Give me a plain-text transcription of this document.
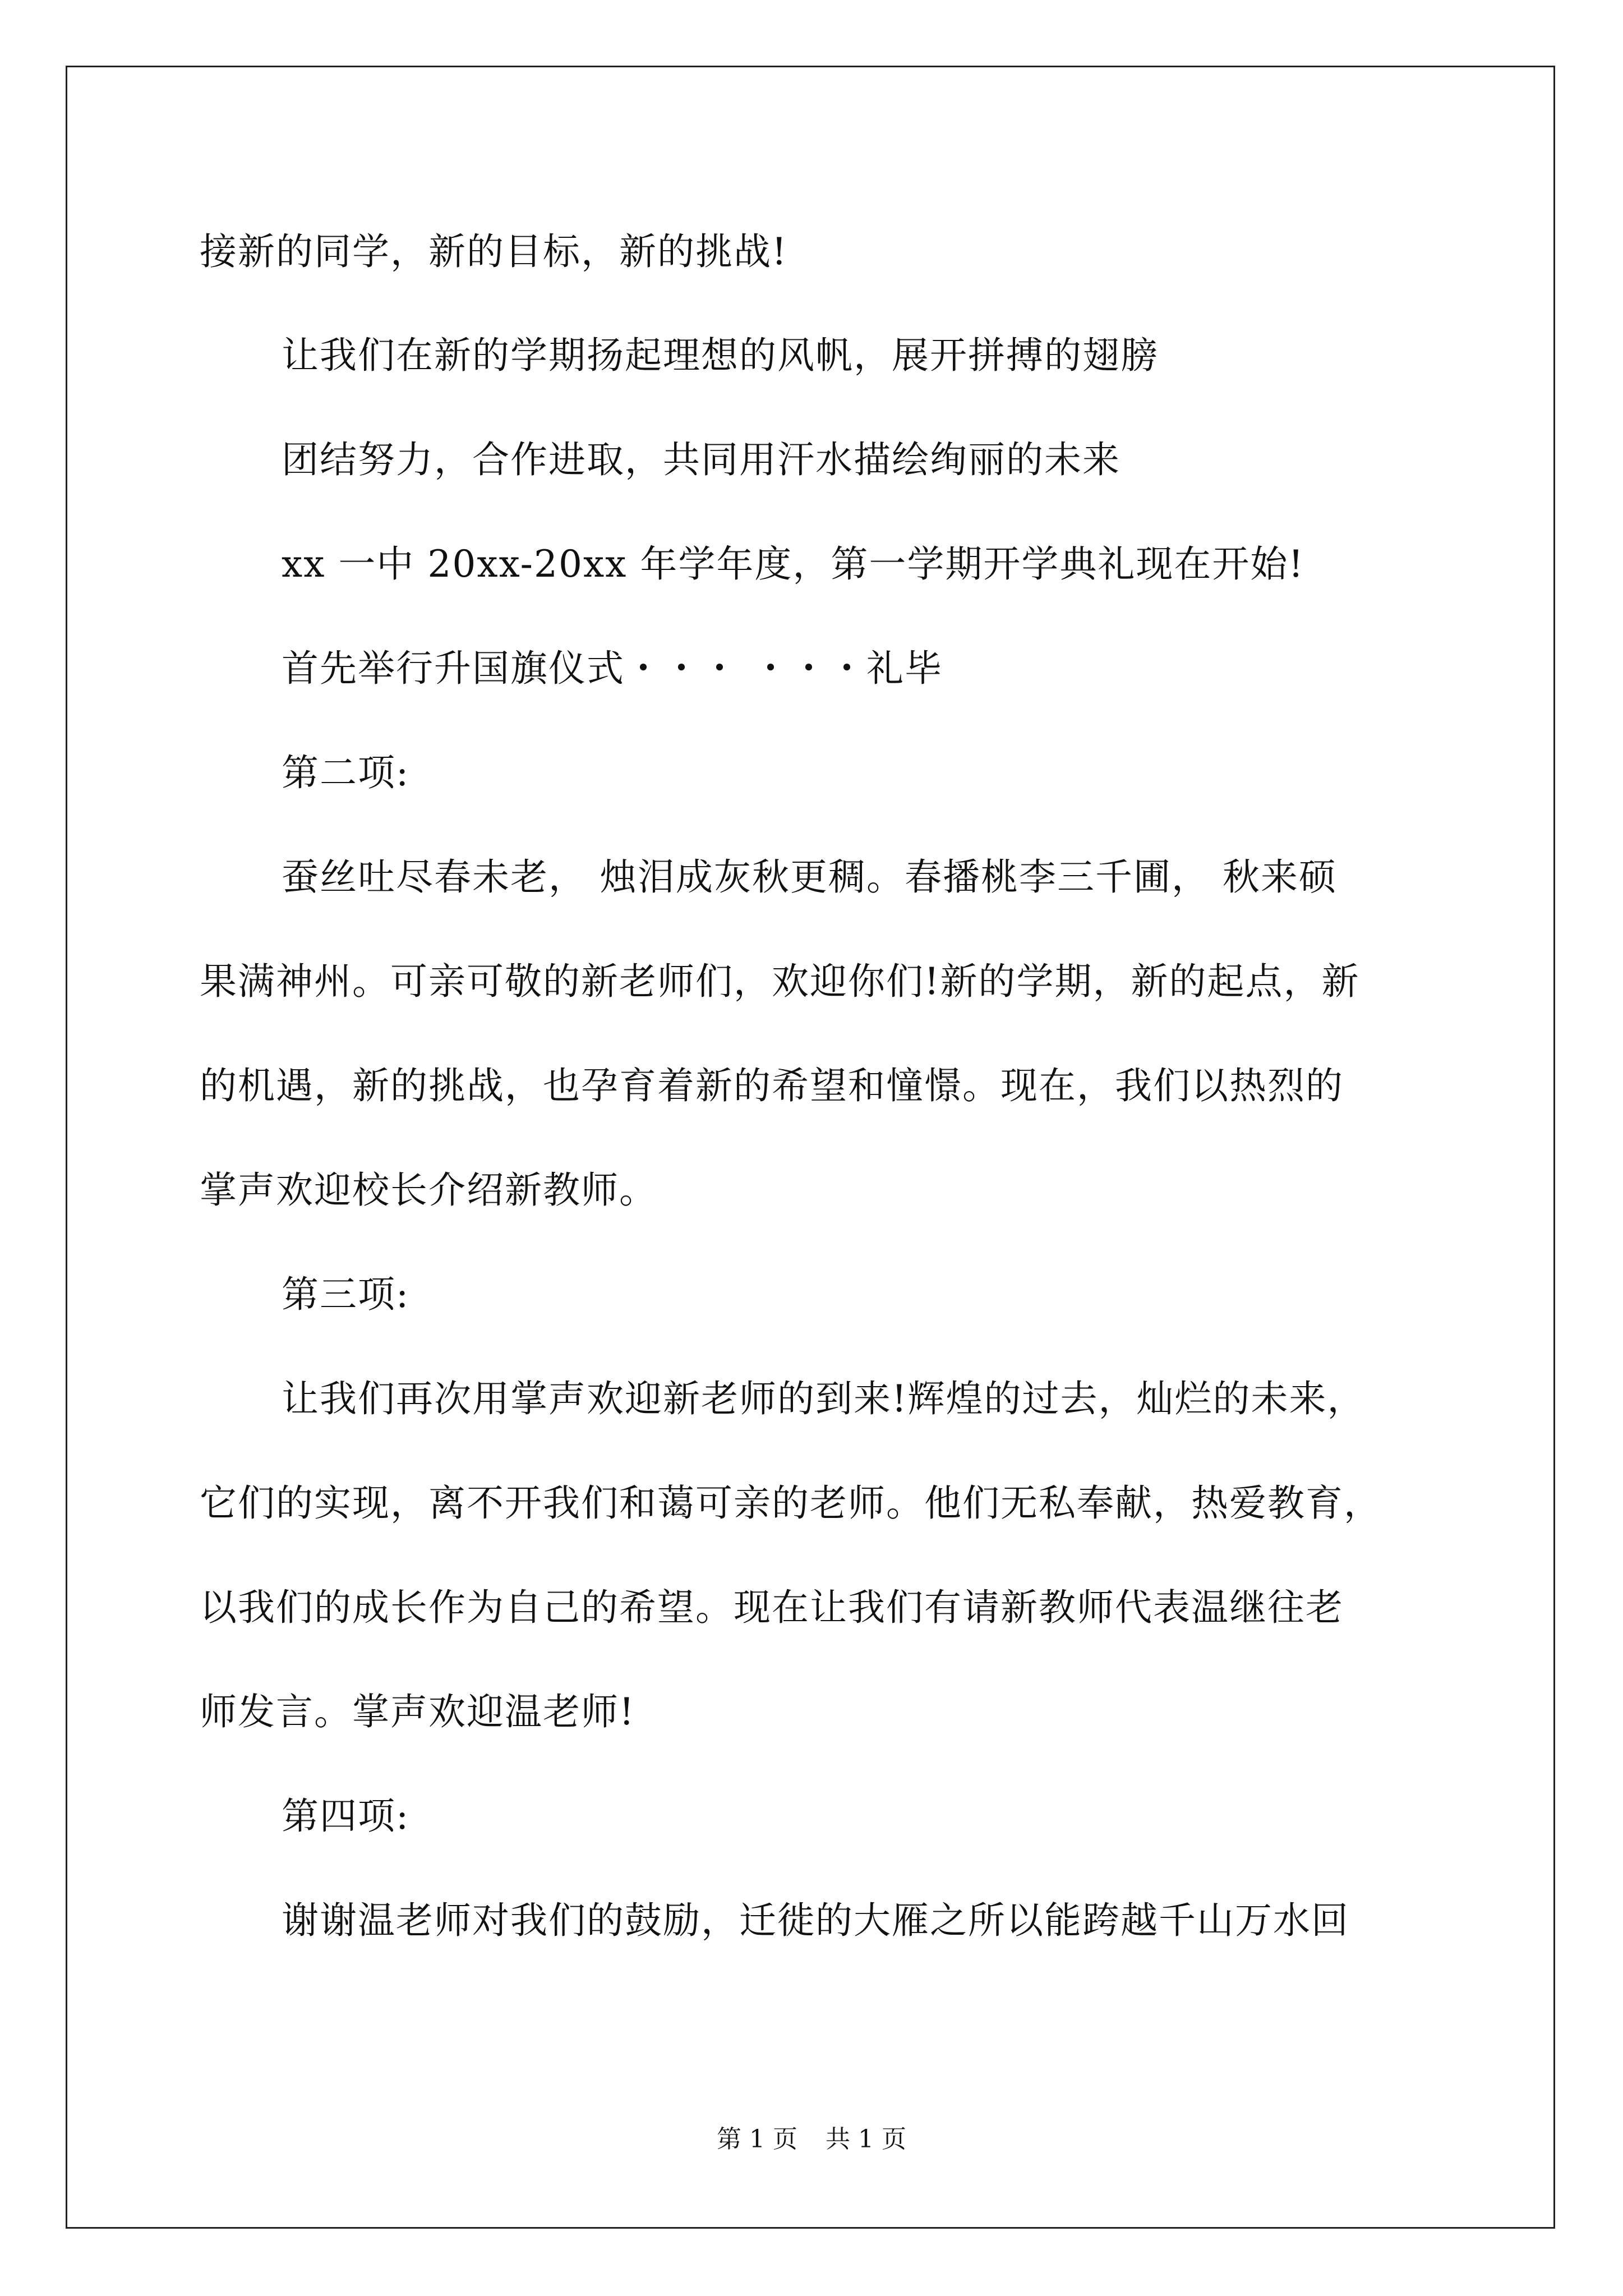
接新的同学，新的目标，新的挑战!
让我们在新的学期扬起理想的风帆，展开拼搏的翅膀
团结努力，合作进取，共同用汗水描绘绚丽的未来
xx 一中 20xx-20xx 年学年度，第一学期开学典礼现在开始!
首先举行升国旗仪式・・・ ・・・礼毕
第二项:
蚕丝吐尽春未老， 烛泪成灰秋更稠。春播桃李三千圃， 秋来硕
果满神州。可亲可敬的新老师们，欢迎你们!新的学期，新的起点，新
的机遇，新的挑战，也孕育着新的希望和憧憬。现在，我们以热烈的
掌声欢迎校长介绍新教师。
第三项:
让我们再次用掌声欢迎新老师的到来!辉煌的过去，灿烂的未来，
它们的实现，离不开我们和蔼可亲的老师。他们无私奉献，热爱教育，
以我们的成长作为自己的希望。现在让我们有请新教师代表温继往老
师发言。掌声欢迎温老师!
第四项:
谢谢温老师对我们的鼓励，迁徙的大雁之所以能跨越千山万水回
第 1 页 共 1 页
